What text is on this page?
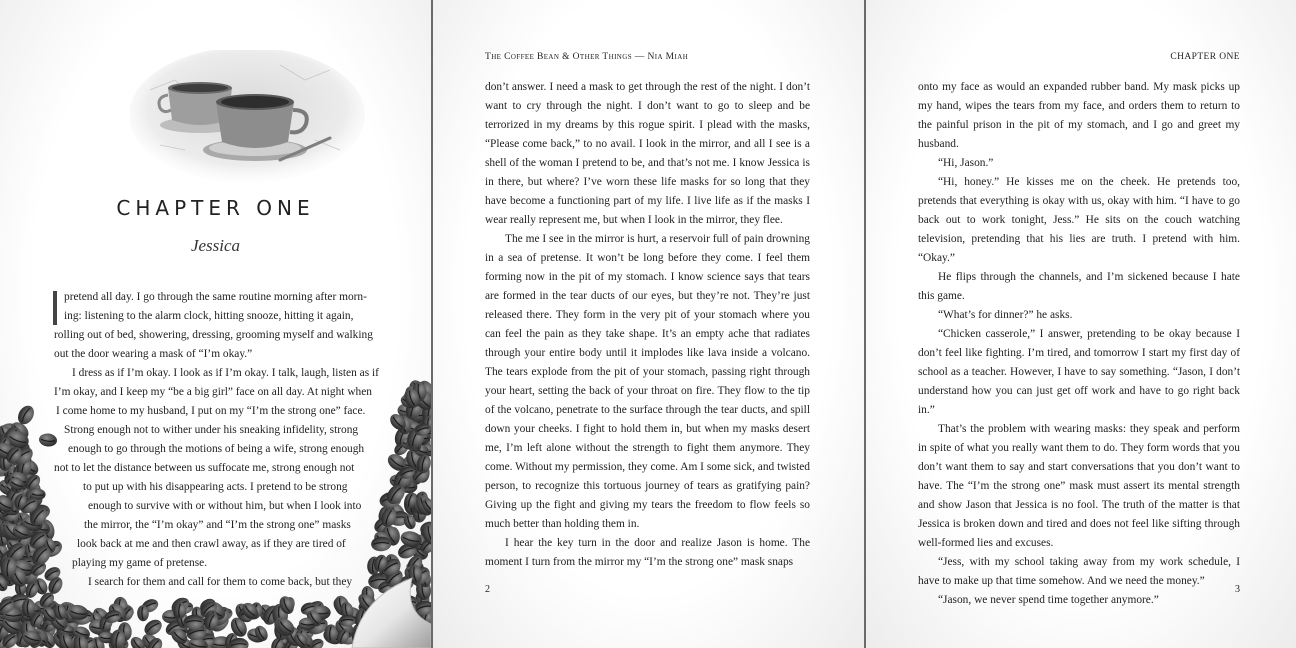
CHAPTER ONE
Jessica
pretend all day. I go through the same routine morning after morn-
ing: listening to the alarm clock, hitting snooze, hitting it again,
rolling out of bed, showering, dressing, grooming myself and walking
out the door wearing a mask of “I’m okay.”
I dress as if I’m okay. I look as if I’m okay. I talk, laugh, listen as if
I’m okay, and I keep my “be a big girl” face on all day. At night when
I come home to my husband, I put on my “I’m the strong one” face.
Strong enough not to wither under his sneaking infidelity, strong
enough to go through the motions of being a wife, strong enough
not to let the distance between us suffocate me, strong enough not
to put up with his disappearing acts. I pretend to be strong
enough to survive with or without him, but when I look into
the mirror, the “I’m okay” and “I’m the strong one” masks
look back at me and then crawl away, as if they are tired of
playing my game of pretense.
I search for them and call for them to come back, but they
The Coffee Bean & Other Things — Nia Miah

don’t answer. I need a mask to get through the rest of the night. I don’t want to cry through the night. I don’t want to go to sleep and be terrorized in my dreams by this rogue spirit. I plead with the masks, “Please come back,” to no avail. I look in the mirror, and all I see is a shell of the woman I pretend to be, and that’s not me. I know Jessica is in there, but where? I’ve worn these life masks for so long that they have become a functioning part of my life. I live life as if the masks I wear really represent me, but when I look in the mirror, they flee.

The me I see in the mirror is hurt, a reservoir full of pain drowning in a sea of pretense. It won’t be long before they come. I feel them forming now in the pit of my stomach. I know science says that tears are formed in the tear ducts of our eyes, but they’re not. They’re just released there. They form in the very pit of your stomach where you can feel the pain as they take shape. It’s an empty ache that radiates through your entire body until it implodes like lava inside a volcano. The tears explode from the pit of your stomach, passing right through your heart, setting the back of your throat on fire. They flow to the tip of the volcano, penetrate to the surface through the tear ducts, and spill down your cheeks. I fight to hold them in, but when my masks desert me, I’m left alone without the strength to fight them anymore. They come. Without my permission, they come. Am I some sick, and twisted person, to recognize this tortuous journey of tears as gratifying pain? Giving up the fight and giving my tears the freedom to flow feels so much better than holding them in.

I hear the key turn in the door and realize Jason is home. The moment I turn from the mirror my “I’m the strong one” mask snaps

2
CHAPTER ONE

onto my face as would an expanded rubber band. My mask picks up my hand, wipes the tears from my face, and orders them to return to the painful prison in the pit of my stomach, and I go and greet my husband.

“Hi, Jason.”

“Hi, honey.” He kisses me on the cheek. He pretends too, pretends that everything is okay with us, okay with him. “I have to go back out to work tonight, Jess.” He sits on the couch watching television, pretending that his lies are truth. I pretend with him. “Okay.”

He flips through the channels, and I’m sickened because I hate this game.

“What’s for dinner?” he asks.

“Chicken casserole,” I answer, pretending to be okay because I don’t feel like fighting. I’m tired, and tomorrow I start my first day of school as a teacher. However, I have to say something. “Jason, I don’t understand how you can just get off work and have to go right back in.”

That’s the problem with wearing masks: they speak and perform in spite of what you really want them to do. They form words that you don’t want them to say and start conversations that you don’t want to have. The “I’m the strong one” mask must assert its mental strength and show Jason that Jessica is no fool. The truth of the matter is that Jessica is broken down and tired and does not feel like sifting through well-formed lies and excuses.

“Jess, with my school taking away from my work schedule, I have to make up that time somehow. And we need the money.”

“Jason, we never spend time together anymore.”

3
